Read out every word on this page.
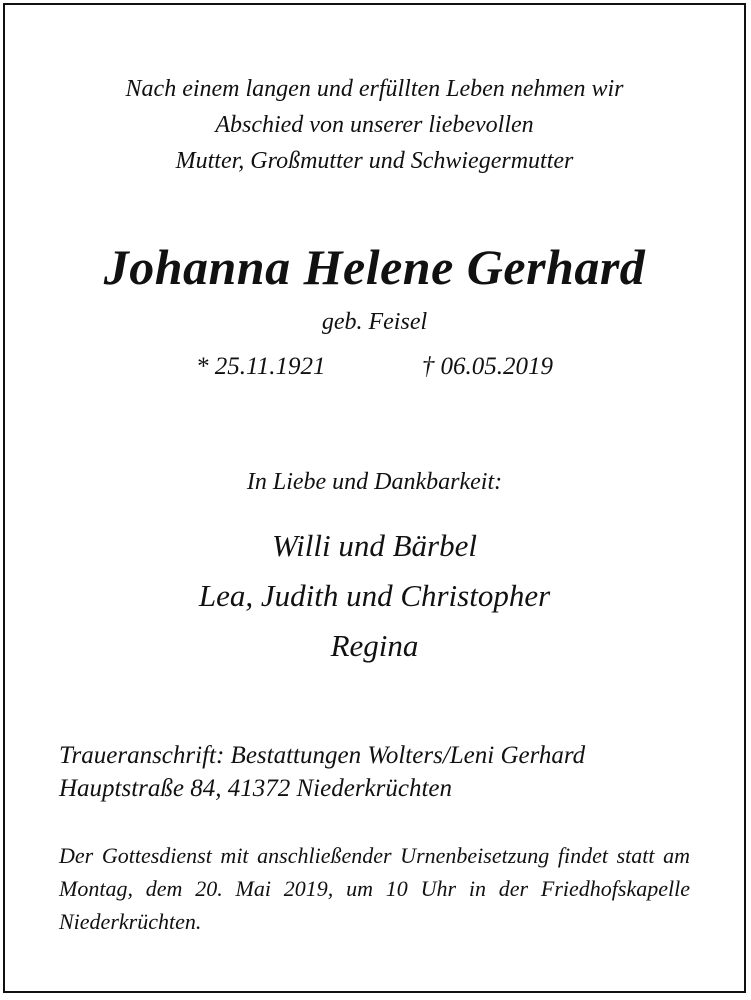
Nach einem langen und erfüllten Leben nehmen wir
Abschied von unserer liebevollen
Mutter, Großmutter und Schwiegermutter
Johanna Helene Gerhard
geb. Feisel
* 25.11.1921	† 06.05.2019
In Liebe und Dankbarkeit:
Willi und Bärbel
Lea, Judith und Christopher
Regina
Traueranschrift: Bestattungen Wolters/Leni Gerhard
Hauptstraße 84, 41372 Niederkrüchten
Der Gottesdienst mit anschließender Urnenbeisetzung findet statt am Montag, dem 20. Mai 2019, um 10 Uhr in der Friedhofskapelle Niederkrüchten.
